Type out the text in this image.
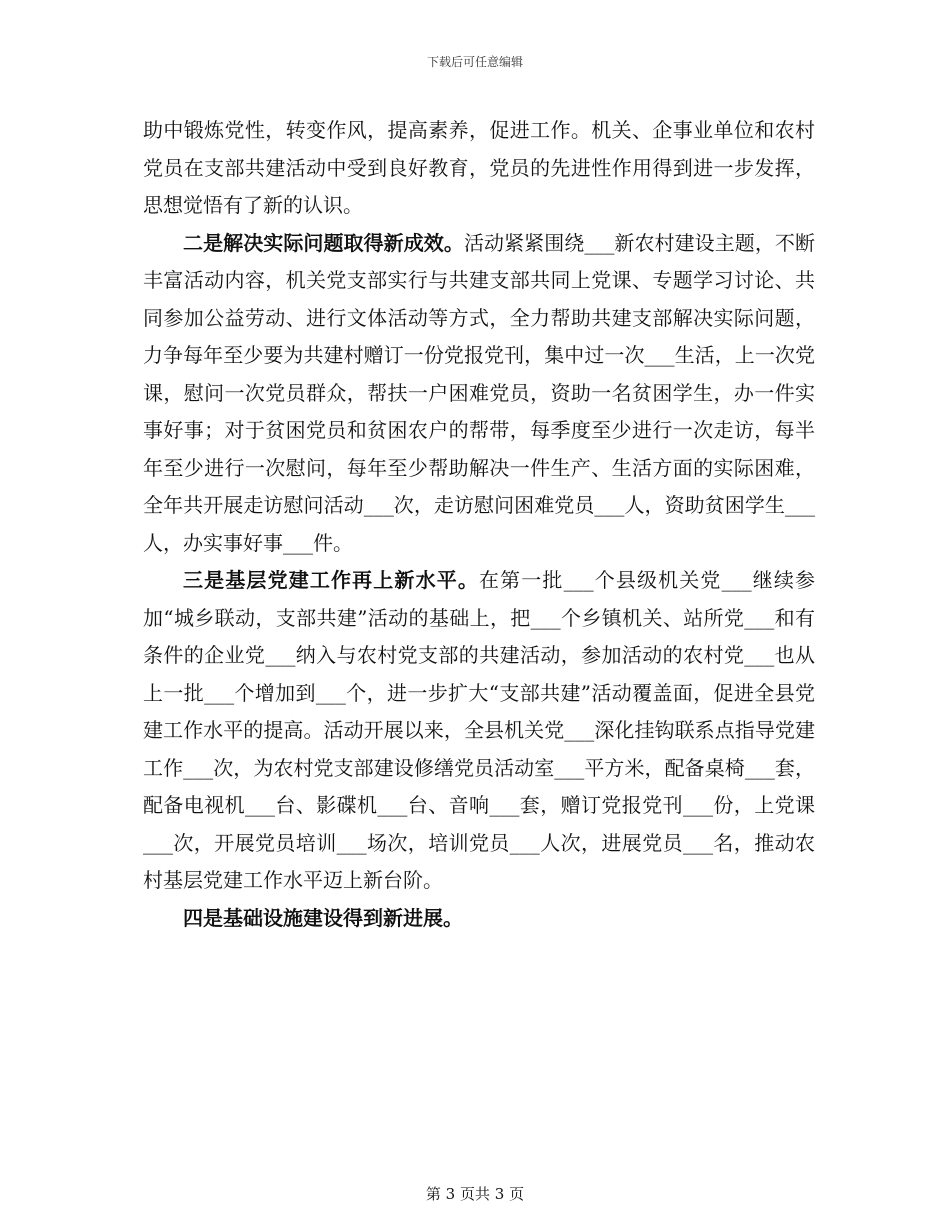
下载后可任意编辑

助中锻炼党性，转变作风，提高素养，促进工作。机关、企事业单位和农村党员在支部共建活动中受到良好教育，党员的先进性作用得到进一步发挥，思想觉悟有了新的认识。

二是解决实际问题取得新成效。活动紧紧围绕___新农村建设主题，不断丰富活动内容，机关党支部实行与共建支部共同上党课、专题学习讨论、共同参加公益劳动、进行文体活动等方式，全力帮助共建支部解决实际问题，力争每年至少要为共建村赠订一份党报党刊，集中过一次___生活，上一次党课，慰问一次党员群众，帮扶一户困难党员，资助一名贫困学生，办一件实事好事；对于贫困党员和贫困农户的帮带，每季度至少进行一次走访，每半年至少进行一次慰问，每年至少帮助解决一件生产、生活方面的实际困难，全年共开展走访慰问活动___次，走访慰问困难党员___人，资助贫困学生___人，办实事好事___件。

三是基层党建工作再上新水平。在第一批___个县级机关党___继续参加“城乡联动，支部共建”活动的基础上，把___个乡镇机关、站所党___和有条件的企业党___纳入与农村党支部的共建活动，参加活动的农村党___也从上一批___个增加到___个，进一步扩大“支部共建”活动覆盖面，促进全县党建工作水平的提高。活动开展以来，全县机关党___深化挂钩联系点指导党建工作___次，为农村党支部建设修缮党员活动室___平方米，配备桌椅___套，配备电视机___台、影碟机___台、音响___套，赠订党报党刊___份，上党课___次，开展党员培训___场次，培训党员___人次，进展党员___名，推动农村基层党建工作水平迈上新台阶。

四是基础设施建设得到新进展。

第 3 页共 3 页
